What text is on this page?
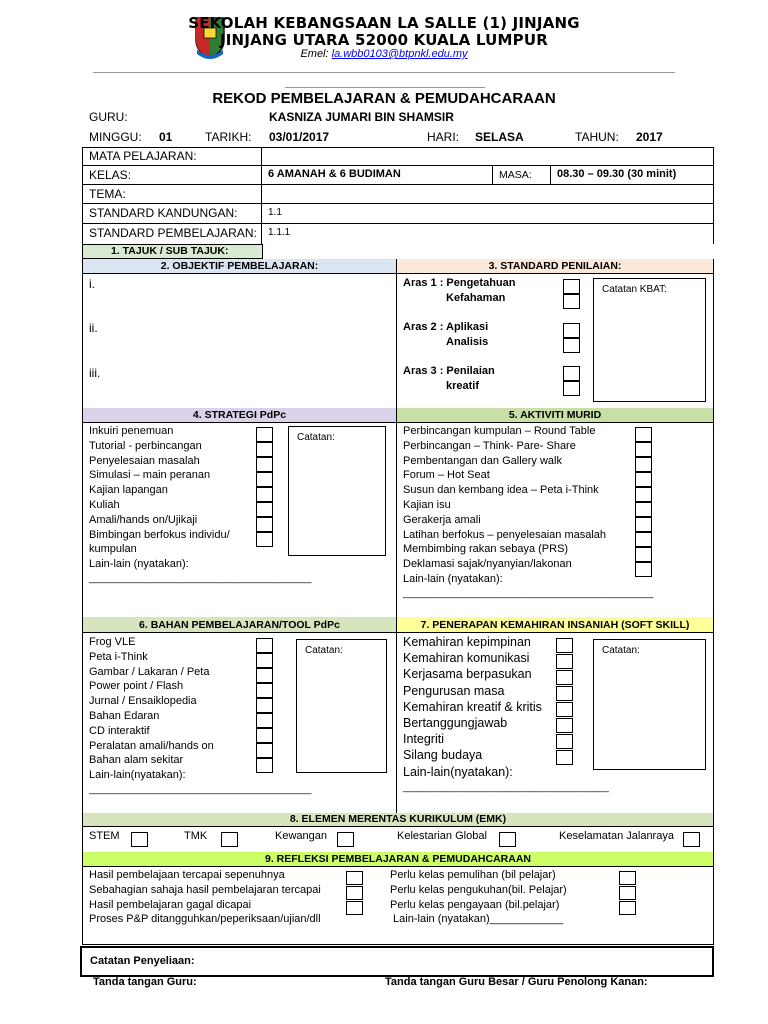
SEKOLAH KEBANGSAAN LA SALLE (1) JINJANG
JINJANG UTARA 52000 KUALA LUMPUR
Emel: la.wbb0103@btpnkl.edu.my
REKOD PEMBELAJARAN & PEMUDAHCARAAN
GURU:	KASNIZA JUMARI BIN SHAMSIR
MINGGU: 01	TARIKH: 03/01/2017	HARI: SELASA	TAHUN: 2017
MATA PELAJARAN:
KELAS:	6 AMANAH & 6 BUDIMAN	MASA: 08.30 – 09.30 (30 minit)
TEMA:
STANDARD KANDUNGAN:	1.1
STANDARD PEMBELAJARAN: 1.1.1
1. TAJUK / SUB TAJUK:
2. OBJEKTIF PEMBELAJARAN:	3. STANDARD PENILAIAN:
i.
ii.
iii.
Aras 1 : Pengetahuan
Kefahaman
Aras 2 : Aplikasi
Analisis
Aras 3 : Penilaian
kreatif
Catatan KBAT:
4. STRATEGI PdPc	5. AKTIVITI MURID
Inkuiri penemuan
Tutorial - perbincangan
Penyelesaian masalah
Simulasi – main peranan
Kajian lapangan
Kuliah
Amali/hands on/Ujikaji
Bimbingan berfokus individu/
kumpulan
Lain-lain (nyatakan):
________________________________________
Catatan:
Perbincangan kumpulan – Round Table
Perbincangan – Think- Pare- Share
Pembentangan dan Gallery walk
Forum – Hot Seat
Susun dan kembang idea – Peta i-Think
Kajian isu
Gerakerja amali
Latihan berfokus – penyelesaian masalah
Membimbing rakan sebaya (PRS)
Deklamasi sajak/nyanyian/lakonan
Lain-lain (nyatakan):
_____________________________________________
6. BAHAN PEMBELAJARAN/TOOL PdPc	7. PENERAPAN KEMAHIRAN INSANIAH (SOFT SKILL)
Frog VLE
Peta i-Think
Gambar / Lakaran / Peta
Power point / Flash
Jurnal / Ensaiklopedia
Bahan Edaran
CD interaktif
Peralatan amali/hands on
Bahan alam sekitar
Lain-lain(nyatakan):
________________________________________
Catatan:
Kemahiran kepimpinan
Kemahiran komunikasi
Kerjasama berpasukan
Pengurusan masa
Kemahiran kreatif & kritis
Bertanggungjawab
Integriti
Silang budaya
Lain-lain(nyatakan):
_____________________________________
Catatan:
8. ELEMEN MERENTAS KURIKULUM (EMK)
STEM	TMK	Kewangan	Kelestarian Global	Keselamatan Jalanraya
9. REFLEKSI PEMBELAJARAN & PEMUDAHCARAAN
Hasil pembelajaan tercapai sepenuhnya
Sebahagian sahaja hasil pembelajaran tercapai
Hasil pembelajaran gagal dicapai
Proses P&P ditangguhkan/peperiksaan/ujian/dll
Perlu kelas pemulihan (bil pelajar)
Perlu kelas pengukuhan(bil. Pelajar)
Perlu kelas pengayaan (bil.pelajar)
Lain-lain (nyatakan)____________
Catatan Penyeliaan:
Tanda tangan Guru:	Tanda tangan Guru Besar / Guru Penolong Kanan:
